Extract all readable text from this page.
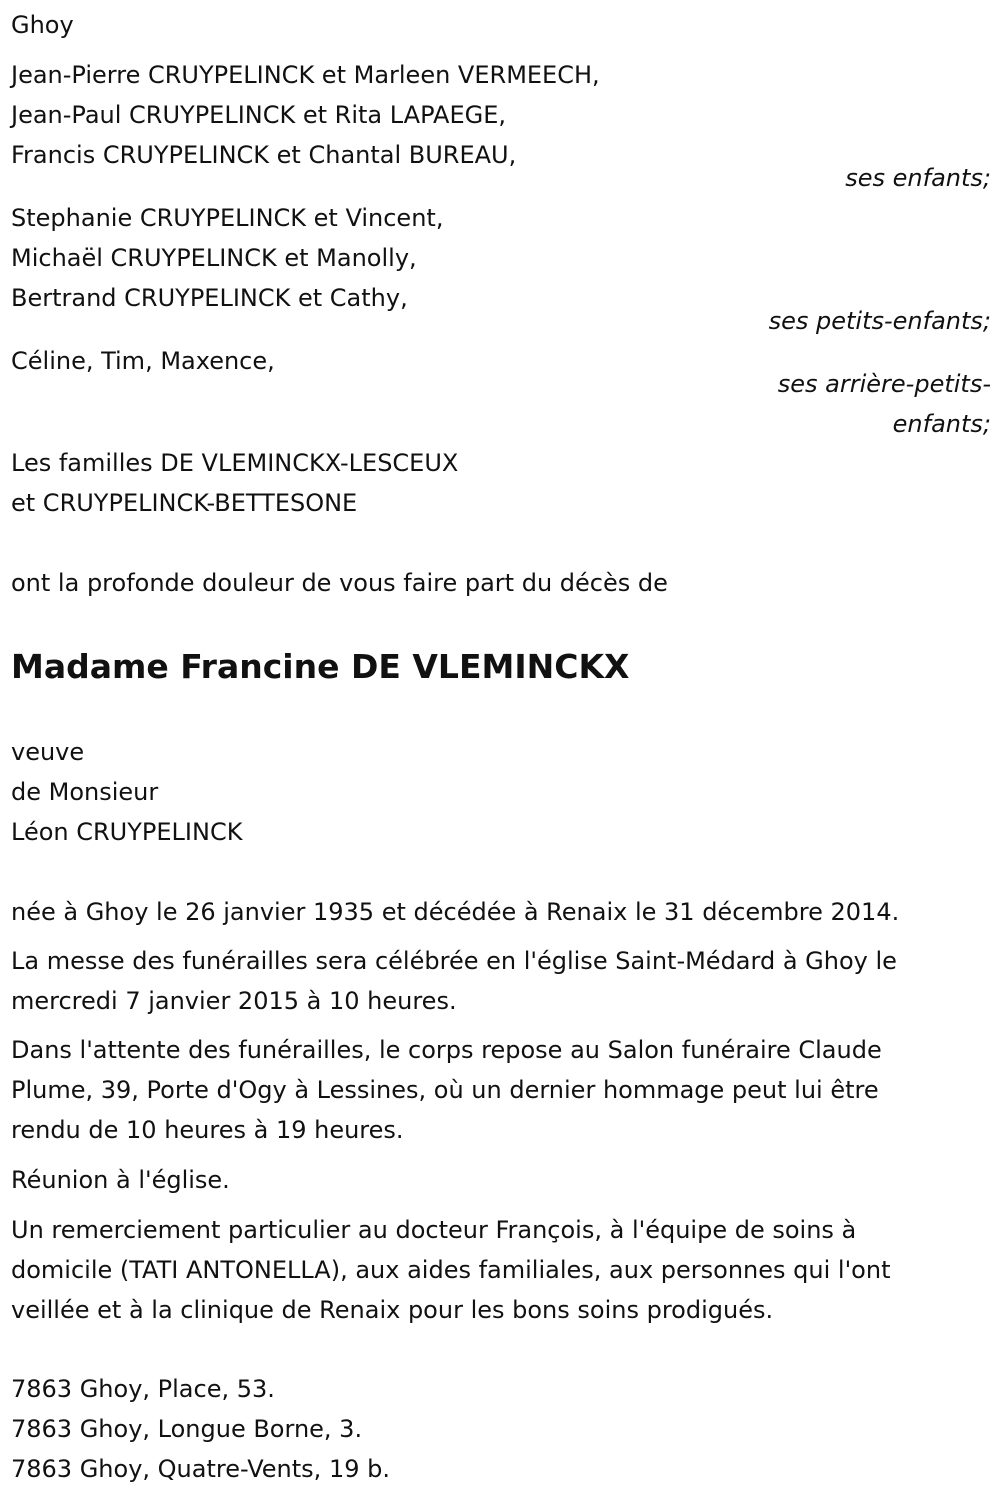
Ghoy
Jean-Pierre CRUYPELINCK et Marleen VERMEECH,
Jean-Paul CRUYPELINCK et Rita LAPAEGE,
Francis CRUYPELINCK et Chantal BUREAU,
ses enfants;
Stephanie CRUYPELINCK et Vincent,
Michaël CRUYPELINCK et Manolly,
Bertrand CRUYPELINCK et Cathy,
ses petits-enfants;
Céline, Tim, Maxence,
ses arrière-petits-
enfants;
Les familles DE VLEMINCKX-LESCEUX
et CRUYPELINCK-BETTESONE
ont la profonde douleur de vous faire part du décès de
Madame Francine DE VLEMINCKX
veuve
de Monsieur
Léon CRUYPELINCK
née à Ghoy le 26 janvier 1935 et décédée à Renaix le 31 décembre 2014.
La messe des funérailles sera célébrée en l'église Saint-Médard à Ghoy le
mercredi 7 janvier 2015 à 10 heures.
Dans l'attente des funérailles, le corps repose au Salon funéraire Claude
Plume, 39, Porte d'Ogy à Lessines, où un dernier hommage peut lui être
rendu de 10 heures à 19 heures.
Réunion à l'église.
Un remerciement particulier au docteur François, à l'équipe de soins à
domicile (TATI ANTONELLA), aux aides familiales, aux personnes qui l'ont
veillée et à la clinique de Renaix pour les bons soins prodigués.
7863 Ghoy, Place, 53.
7863 Ghoy, Longue Borne, 3.
7863 Ghoy, Quatre-Vents, 19 b.
